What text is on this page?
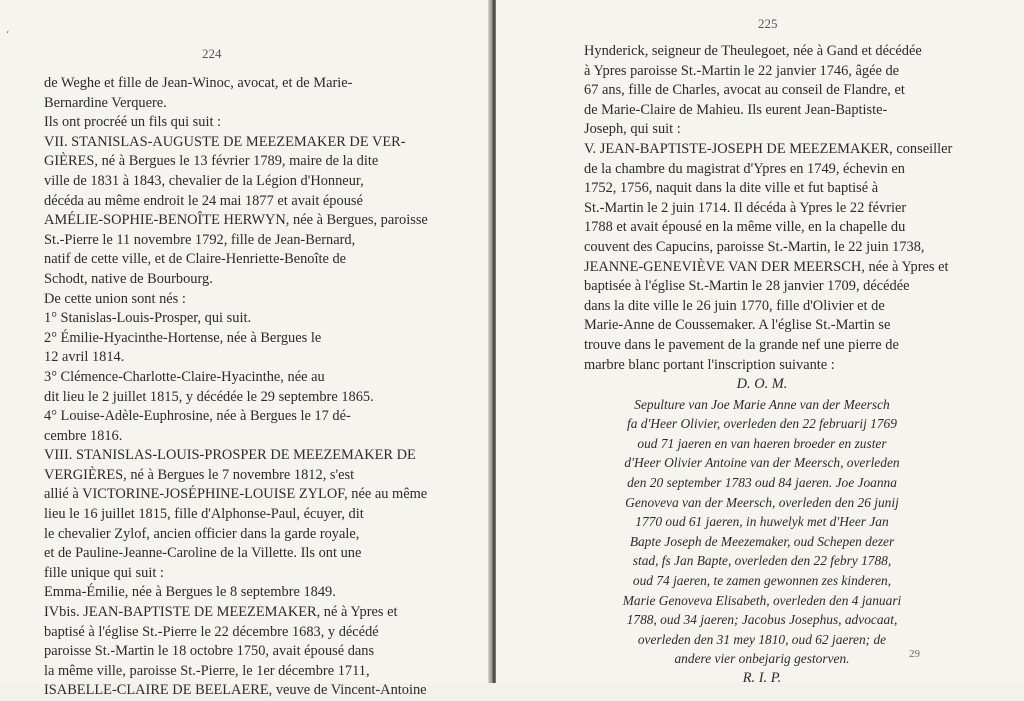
‘
224
de Weghe et fille de Jean-Winoc, avocat, et de Marie-
Bernardine Verquere.
Ils ont procréé un fils qui suit :
VII. STANISLAS-AUGUSTE DE MEEZEMAKER DE VER-
GIÈRES, né à Bergues le 13 février 1789, maire de la dite
ville de 1831 à 1843, chevalier de la Légion d'Honneur,
décéda au même endroit le 24 mai 1877 et avait épousé
AMÉLIE-SOPHIE-BENOÎTE HERWYN, née à Bergues, paroisse
St.-Pierre le 11 novembre 1792, fille de Jean-Bernard,
natif de cette ville, et de Claire-Henriette-Benoîte de
Schodt, native de Bourbourg.
De cette union sont nés :
1° Stanislas-Louis-Prosper, qui suit.
2° Émilie-Hyacinthe-Hortense, née à Bergues le
12 avril 1814.
3° Clémence-Charlotte-Claire-Hyacinthe, née au
dit lieu le 2 juillet 1815, y décédée le 29 septembre 1865.
4° Louise-Adèle-Euphrosine, née à Bergues le 17 dé-
cembre 1816.
VIII. STANISLAS-LOUIS-PROSPER DE MEEZEMAKER DE
VERGIÈRES, né à Bergues le 7 novembre 1812, s'est
allié à VICTORINE-JOSÉPHINE-LOUISE ZYLOF, née au même
lieu le 16 juillet 1815, fille d'Alphonse-Paul, écuyer, dit
le chevalier Zylof, ancien officier dans la garde royale,
et de Pauline-Jeanne-Caroline de la Villette. Ils ont une
fille unique qui suit :
Emma-Émilie, née à Bergues le 8 septembre 1849.
IVbis. JEAN-BAPTISTE DE MEEZEMAKER, né à Ypres et
baptisé à l'église St.-Pierre le 22 décembre 1683, y décédé
paroisse St.-Martin le 18 octobre 1750, avait épousé dans
la même ville, paroisse St.-Pierre, le 1er décembre 1711,
ISABELLE-CLAIRE DE BEELAERE, veuve de Vincent-Antoine
225
Hynderick, seigneur de Theulegoet, née à Gand et décédée
à Ypres paroisse St.-Martin le 22 janvier 1746, âgée de
67 ans, fille de Charles, avocat au conseil de Flandre, et
de Marie-Claire de Mahieu. Ils eurent Jean-Baptiste-
Joseph, qui suit :
V. JEAN-BAPTISTE-JOSEPH DE MEEZEMAKER, conseiller
de la chambre du magistrat d'Ypres en 1749, échevin en
1752, 1756, naquit dans la dite ville et fut baptisé à
St.-Martin le 2 juin 1714. Il décéda à Ypres le 22 février
1788 et avait épousé en la même ville, en la chapelle du
couvent des Capucins, paroisse St.-Martin, le 22 juin 1738,
JEANNE-GENEVIÈVE VAN DER MEERSCH, née à Ypres et
baptisée à l'église St.-Martin le 28 janvier 1709, décédée
dans la dite ville le 26 juin 1770, fille d'Olivier et de
Marie-Anne de Coussemaker. A l'église St.-Martin se
trouve dans le pavement de la grande nef une pierre de
marbre blanc portant l'inscription suivante :
D. O. M.
Sepulture van Joe Marie Anne van der Meersch
fa d'Heer Olivier, overleden den 22 februarij 1769
oud 71 jaeren en van haeren broeder en zuster
d'Heer Olivier Antoine van der Meersch, overleden
den 20 september 1783 oud 84 jaeren. Joe Joanna
Genoveva van der Meersch, overleden den 26 junij
1770 oud 61 jaeren, in huwelyk met d'Heer Jan
Bapte Joseph de Meezemaker, oud Schepen dezer
stad, fs Jan Bapte, overleden den 22 febry 1788,
oud 74 jaeren, te zamen gewonnen zes kinderen,
Marie Genoveva Elisabeth, overleden den 4 januari
1788, oud 34 jaeren; Jacobus Josephus, advocaat,
overleden den 31 mey 1810, oud 62 jaeren; de
andere vier onbejarig gestorven.
R. I. P.
29
